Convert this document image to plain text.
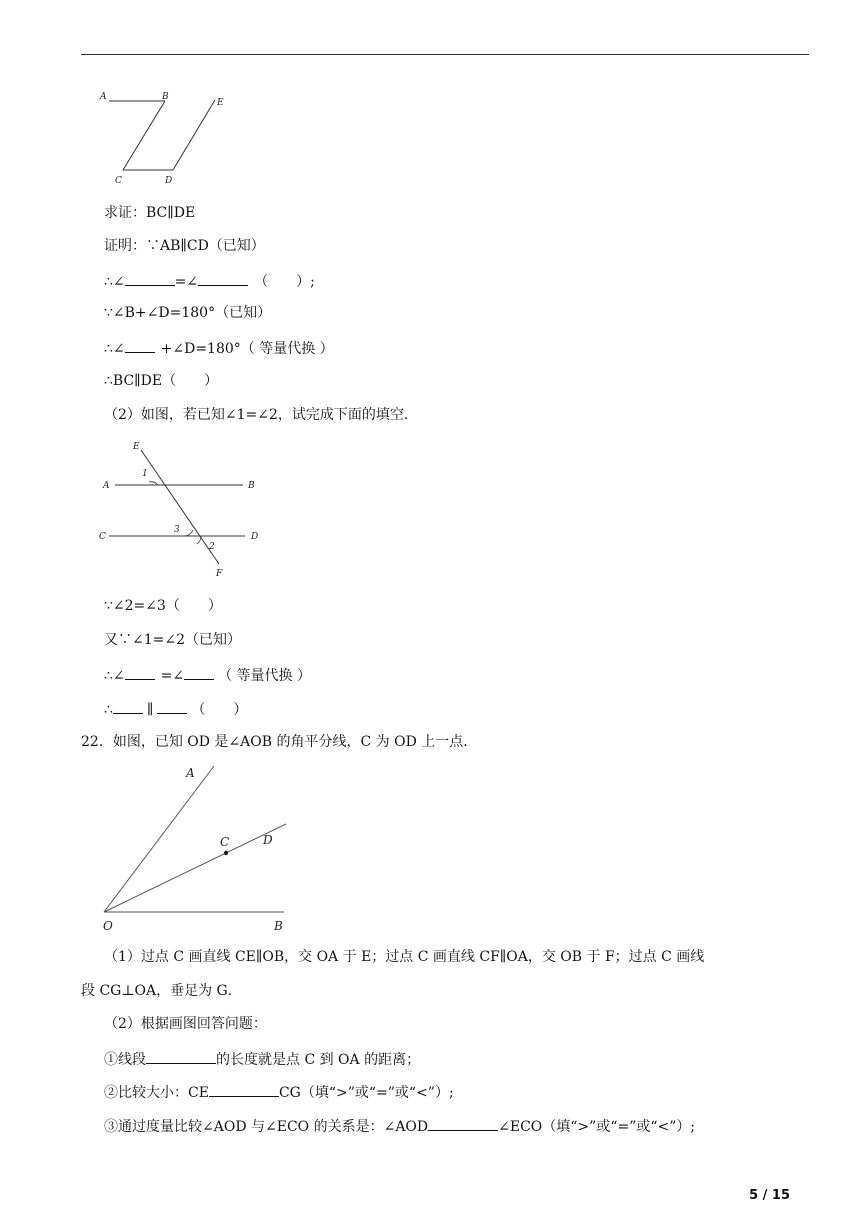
A	B
E
C	D
求证：BC∥DE
证明：∵AB∥CD（已知）
∴∠	=∠	（　　）;
∵∠B+∠D=180°（已知）
∴∠	+∠D=180°（ 等量代换 ）
∴BC∥DE（　　）
（2）如图，若已知∠1=∠2，试完成下面的填空．
E
1
A	B
3
C	D
2
F
∵∠2=∠3（　　）
又∵∠1=∠2（已知）
∴∠	=∠ （ 等量代换 ）
∴ ∥	（　　）
22．如图，已知 OD 是∠AOB 的角平分线，C 为 OD 上一点．
A
C	D
O	B
（1）过点 C 画直线 CE∥OB，交 OA 于 E；过点 C 画直线 CF∥OA，交 OB 于 F；过点 C 画线
段 CG⊥OA，垂足为 G．
（2）根据画图回答问题：
①线段	的长度就是点 C 到 OA 的距离；
②比较大小：CE	CG（填“>”或“=”或“<”）;
③通过度量比较∠AOD 与∠ECO 的关系是：∠AOD	∠ECO（填“>”或“=”或“<”）;
5 / 15
